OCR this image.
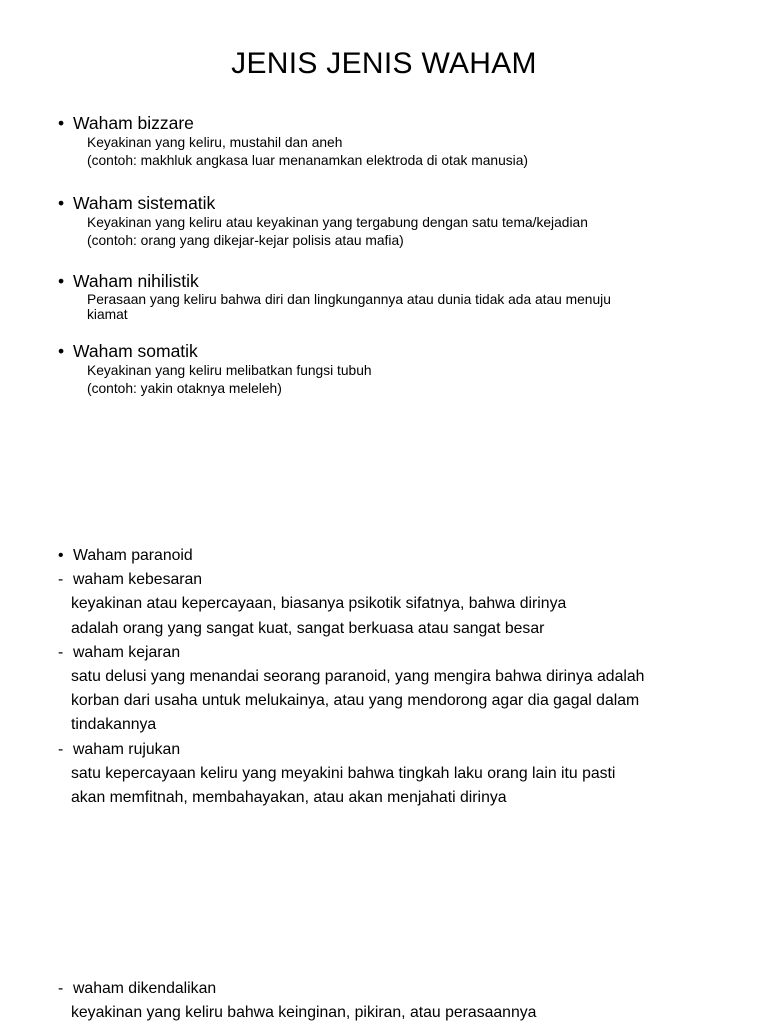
JENIS JENIS WAHAM
• Waham bizzare
Keyakinan yang keliru, mustahil dan aneh
(contoh: makhluk angkasa luar menanamkan elektroda di otak manusia)
• Waham sistematik
Keyakinan yang keliru atau keyakinan yang tergabung dengan satu tema/kejadian
(contoh: orang yang dikejar-kejar polisis atau mafia)
• Waham nihilistik
Perasaan yang keliru bahwa diri dan lingkungannya atau dunia tidak ada atau menuju
kiamat
• Waham somatik
Keyakinan yang keliru melibatkan fungsi tubuh
(contoh: yakin otaknya meleleh)
• Waham paranoid
- waham kebesaran
keyakinan atau kepercayaan, biasanya psikotik sifatnya, bahwa dirinya
adalah orang yang sangat kuat, sangat berkuasa atau sangat besar
- waham kejaran
satu delusi yang menandai seorang paranoid, yang mengira bahwa dirinya adalah
korban dari usaha untuk melukainya, atau yang mendorong agar dia gagal dalam
tindakannya
- waham rujukan
satu kepercayaan keliru yang meyakini bahwa tingkah laku orang lain itu pasti
akan memfitnah, membahayakan, atau akan menjahati dirinya
- waham dikendalikan
keyakinan yang keliru bahwa keinginan, pikiran, atau perasaannya
